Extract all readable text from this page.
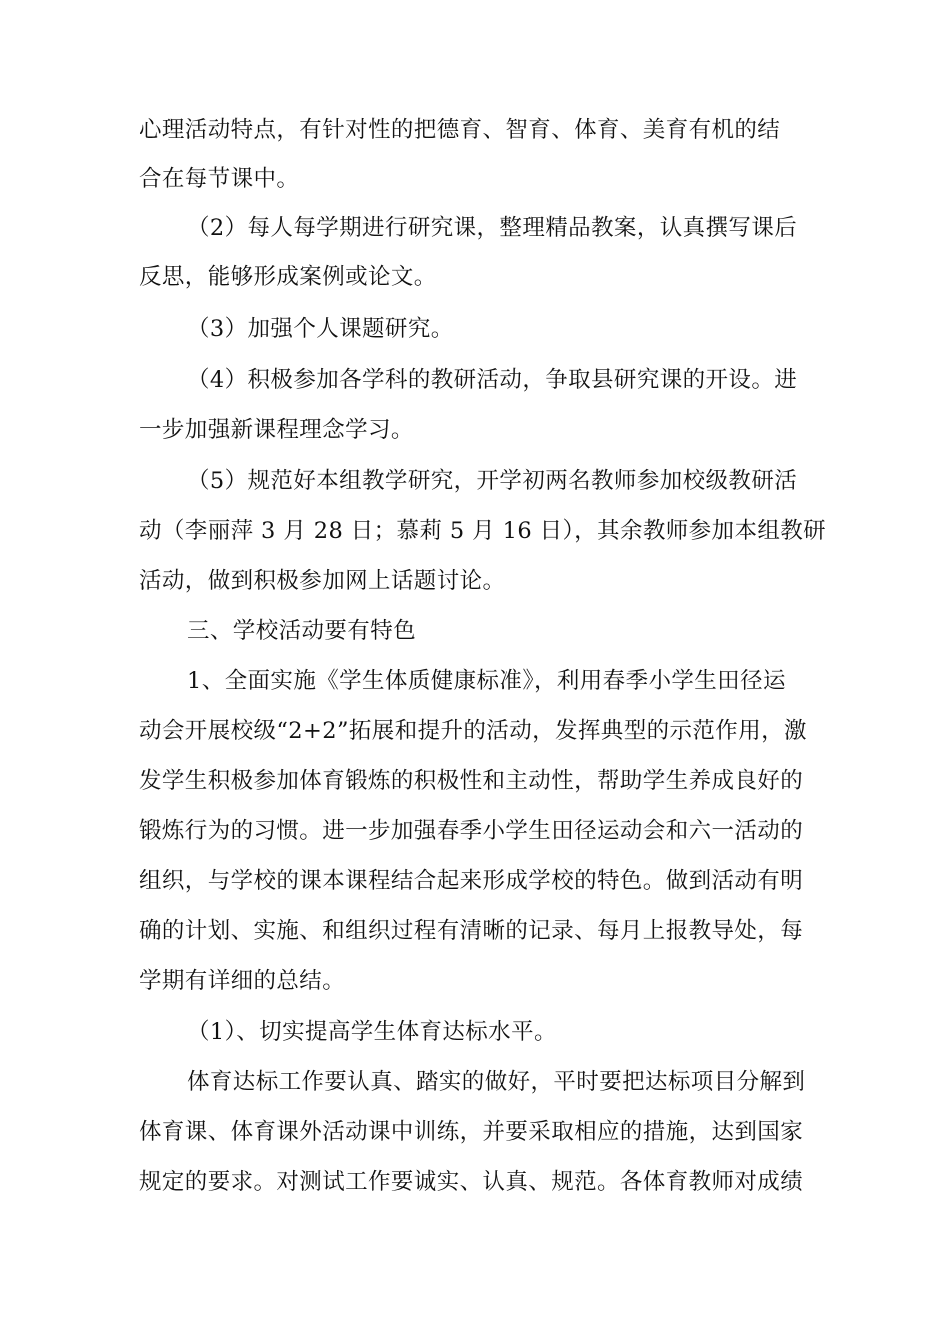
心理活动特点，有针对性的把德育、智育、体育、美育有机的结
合在每节课中。
（2）每人每学期进行研究课，整理精品教案，认真撰写课后
反思，能够形成案例或论文。
（3）加强个人课题研究。
（4）积极参加各学科的教研活动，争取县研究课的开设。进
一步加强新课程理念学习。
（5）规范好本组教学研究，开学初两名教师参加校级教研活
动（李丽萍 3 月 28 日；慕莉 5 月 16 日），其余教师参加本组教研
活动，做到积极参加网上话题讨论。
三、学校活动要有特色
1、全面实施《学生体质健康标准》，利用春季小学生田径运
动会开展校级“2+2”拓展和提升的活动，发挥典型的示范作用，激
发学生积极参加体育锻炼的积极性和主动性，帮助学生养成良好的
锻炼行为的习惯。进一步加强春季小学生田径运动会和六一活动的
组织，与学校的课本课程结合起来形成学校的特色。做到活动有明
确的计划、实施、和组织过程有清晰的记录、每月上报教导处，每
学期有详细的总结。
（1）、切实提高学生体育达标水平。
体育达标工作要认真、踏实的做好，平时要把达标项目分解到
体育课、体育课外活动课中训练，并要采取相应的措施，达到国家
规定的要求。对测试工作要诚实、认真、规范。各体育教师对成绩
